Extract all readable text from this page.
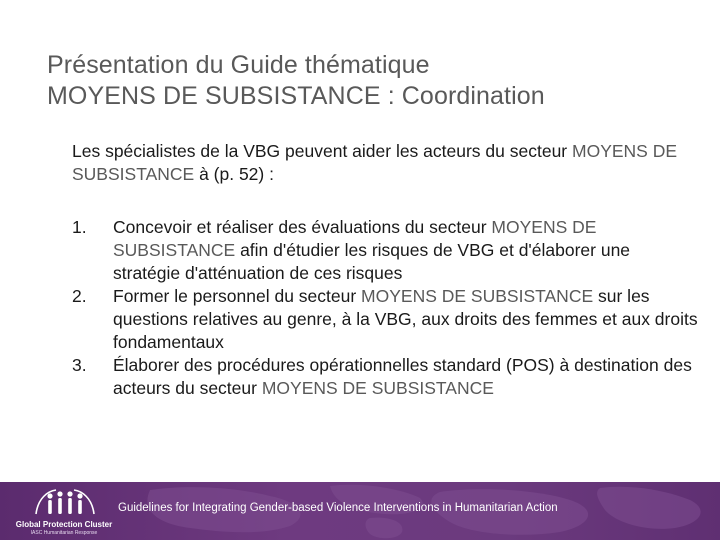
Présentation du Guide thématique
MOYENS DE SUBSISTANCE : Coordination
Les spécialistes de la VBG peuvent aider les acteurs du secteur MOYENS DE SUBSISTANCE à (p. 52) :
1. Concevoir et réaliser des évaluations du secteur MOYENS DE SUBSISTANCE afin d'étudier les risques de VBG et d'élaborer une stratégie d'atténuation de ces risques
2. Former le personnel du secteur MOYENS DE SUBSISTANCE sur les questions relatives au genre, à la VBG, aux droits des femmes et aux droits fondamentaux
3. Élaborer des procédures opérationnelles standard (POS) à destination des acteurs du secteur MOYENS DE SUBSISTANCE
Global Protection Cluster
IASC Humanitarian Response
Guidelines for Integrating Gender-based Violence Interventions in Humanitarian Action
